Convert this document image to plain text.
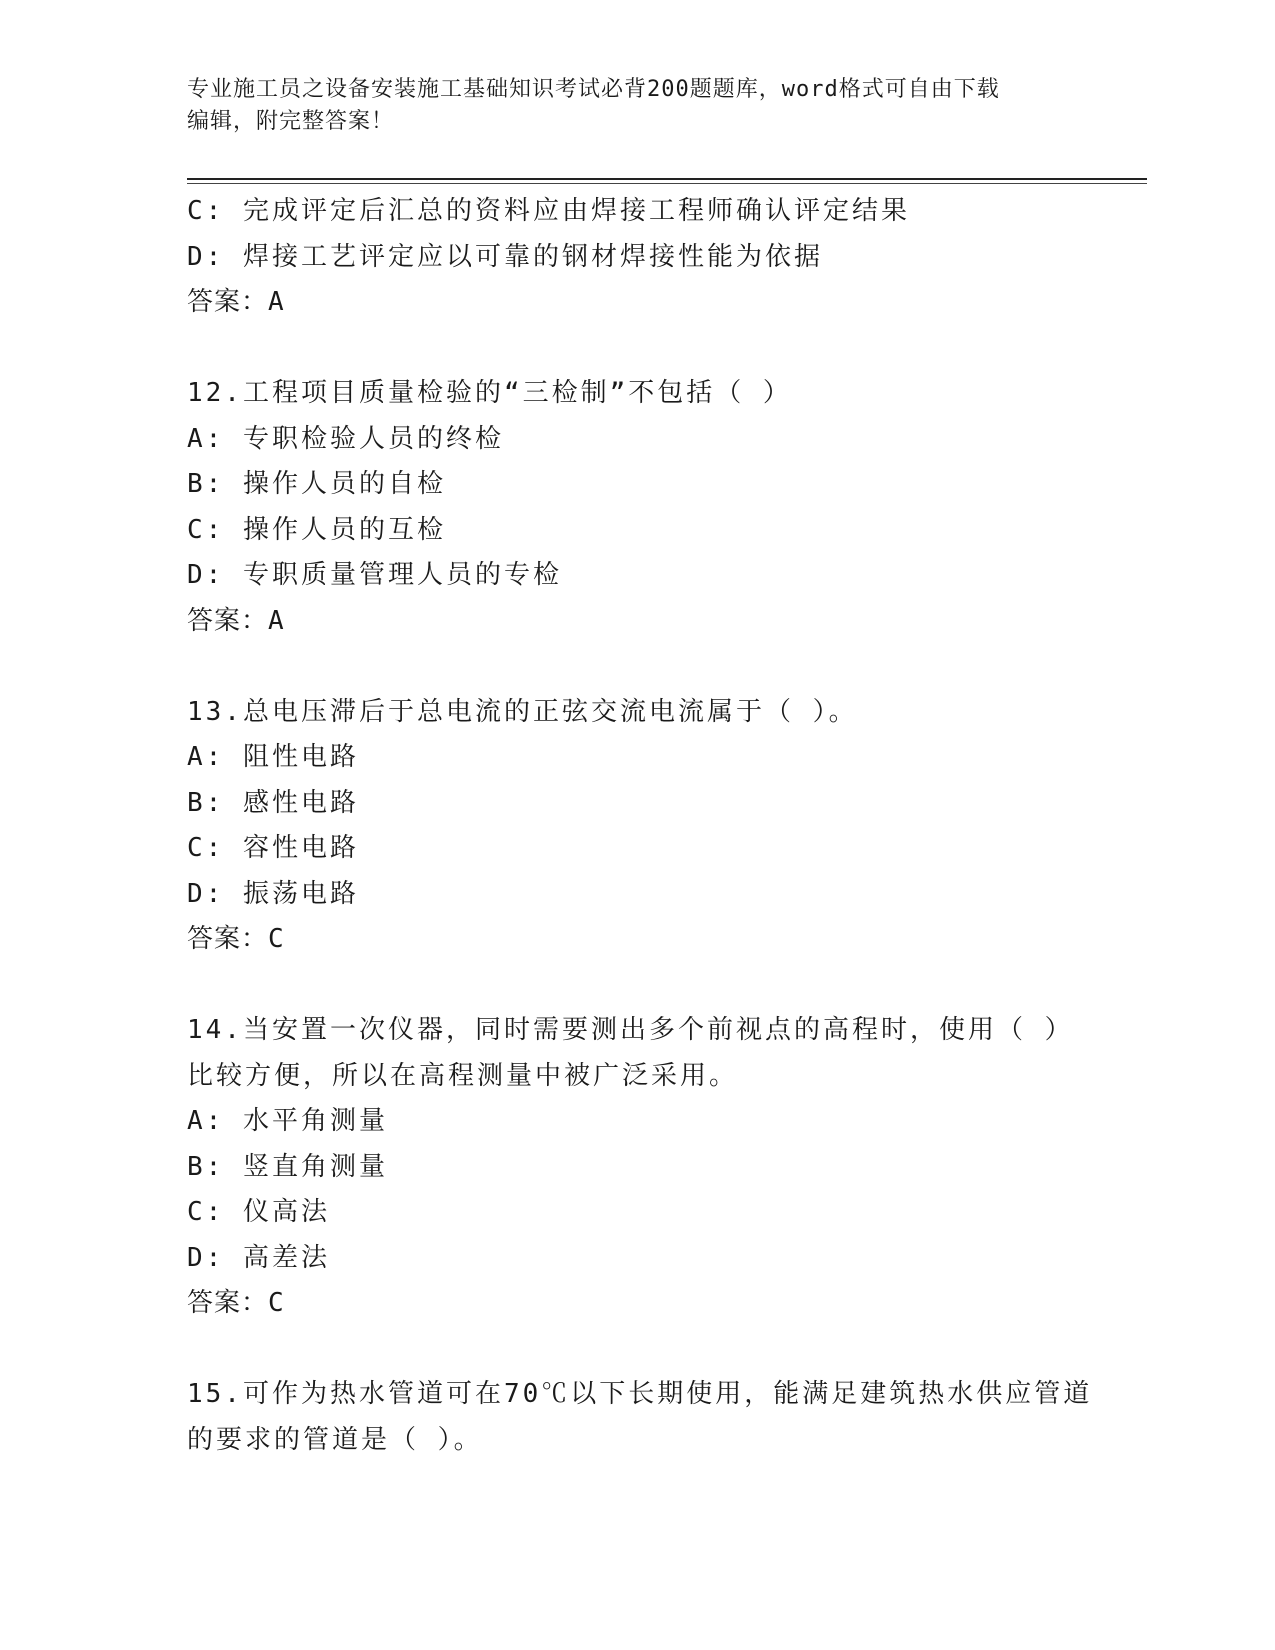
专业施工员之设备安装施工基础知识考试必背200题题库，word格式可自由下载
编辑，附完整答案！
C: 完成评定后汇总的资料应由焊接工程师确认评定结果
D: 焊接工艺评定应以可靠的钢材焊接性能为依据
答案：A
12.工程项目质量检验的“三检制”不包括（ ）
A: 专职检验人员的终检
B: 操作人员的自检
C: 操作人员的互检
D: 专职质量管理人员的专检
答案：A
13.总电压滞后于总电流的正弦交流电流属于（ ）。
A: 阻性电路
B: 感性电路
C: 容性电路
D: 振荡电路
答案：C
14.当安置一次仪器，同时需要测出多个前视点的高程时，使用（ ）
比较方便，所以在高程测量中被广泛采用。
A: 水平角测量
B: 竖直角测量
C: 仪高法
D: 高差法
答案：C
15.可作为热水管道可在70℃以下长期使用，能满足建筑热水供应管道
的要求的管道是（ ）。
